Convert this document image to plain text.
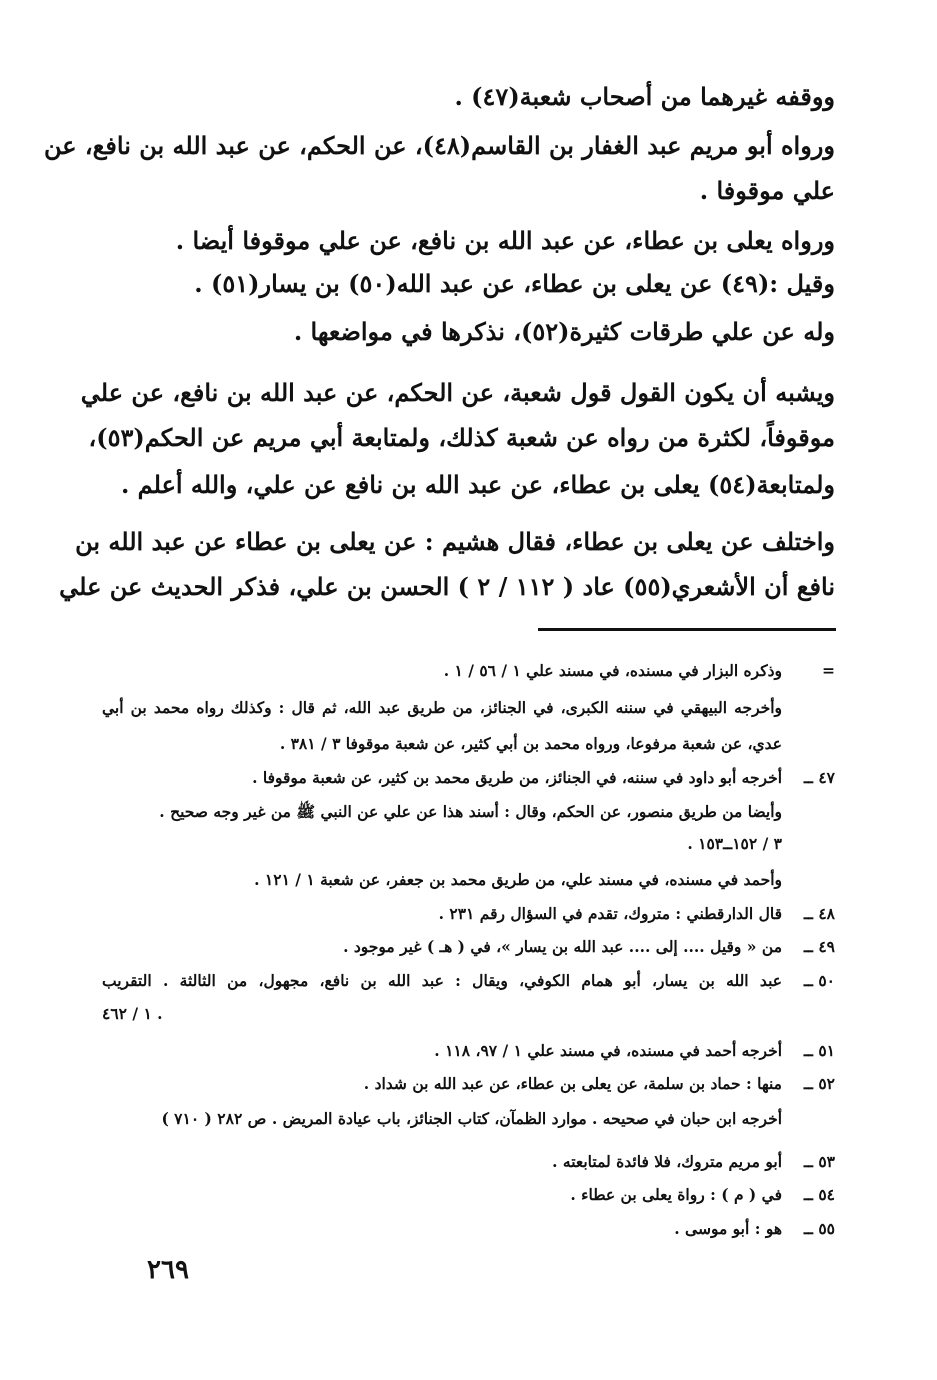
ووقفه غيرهما من أصحاب شعبة(٤٧) .
ورواه أبو مريم عبد الغفار بن القاسم(٤٨)، عن الحكم، عن عبد الله بن نافع، عن
علي موقوفا .
ورواه يعلى بن عطاء، عن عبد الله بن نافع، عن علي موقوفا أيضا .
وقيل :(٤٩) عن يعلى بن عطاء، عن عبد الله(٥٠) بن يسار(٥١) .
وله عن علي طرقات كثيرة(٥٢)، نذكرها في مواضعها .
ويشبه أن يكون القول قول شعبة، عن الحكم، عن عبد الله بن نافع، عن علي
موقوفاً، لكثرة من رواه عن شعبة كذلك، ولمتابعة أبي مريم عن الحكم(٥٣)،
ولمتابعة(٥٤) يعلى بن عطاء، عن عبد الله بن نافع عن علي، والله أعلم .
واختلف عن يعلى بن عطاء، فقال هشيم : عن يعلى بن عطاء عن عبد الله بن
نافع أن الأشعري(٥٥) عاد ( ١١٢ / ٢ ) الحسن بن علي، فذكر الحديث عن علي
=
وذكره البزار في مسنده، في مسند علي ١ / ٥٦ / ١ .
وأخرجه البيهقي في سننه الكبرى، في الجنائز، من طريق عبد الله، ثم قال : وكذلك رواه محمد بن أبي
عدي، عن شعبة مرفوعا، ورواه محمد بن أبي كثير، عن شعبة موقوفا ٣ / ٣٨١ .
٤٧ ــ
أخرجه أبو داود في سننه، في الجنائز، من طريق محمد بن كثير، عن شعبة موقوفا .
وأيضا من طريق منصور، عن الحكم، وقال : أسند هذا عن علي عن النبي ﷺ من غير وجه صحيح .
٣ / ١٥٢ــ١٥٣ .
وأحمد في مسنده، في مسند علي، من طريق محمد بن جعفر، عن شعبة ١ / ١٢١ .
٤٨ ــ
قال الدارقطني : متروك، تقدم في السؤال رقم ٢٣١ .
٤٩ ــ
من « وقيل .... إلى .... عبد الله بن يسار »، في ( هـ ) غير موجود .
٥٠ ــ
عبد الله بن يسار، أبو همام الكوفي، ويقال : عبد الله بن نافع، مجهول، من الثالثة . التقريب
١ / ٤٦٢ .
٥١ ــ
أخرجه أحمد في مسنده، في مسند علي ١ / ٩٧، ١١٨ .
٥٢ ــ
منها : حماد بن سلمة، عن يعلى بن عطاء، عن عبد الله بن شداد .
أخرجه ابن حبان في صحيحه . موارد الظمآن، كتاب الجنائز، باب عيادة المريض . ص ٢٨٢ ( ٧١٠ )
٥٣ ــ
أبو مريم متروك، فلا فائدة لمتابعته .
٥٤ ــ
في ( م ) : رواة يعلى بن عطاء .
٥٥ ــ
هو : أبو موسى .
٢٦٩
